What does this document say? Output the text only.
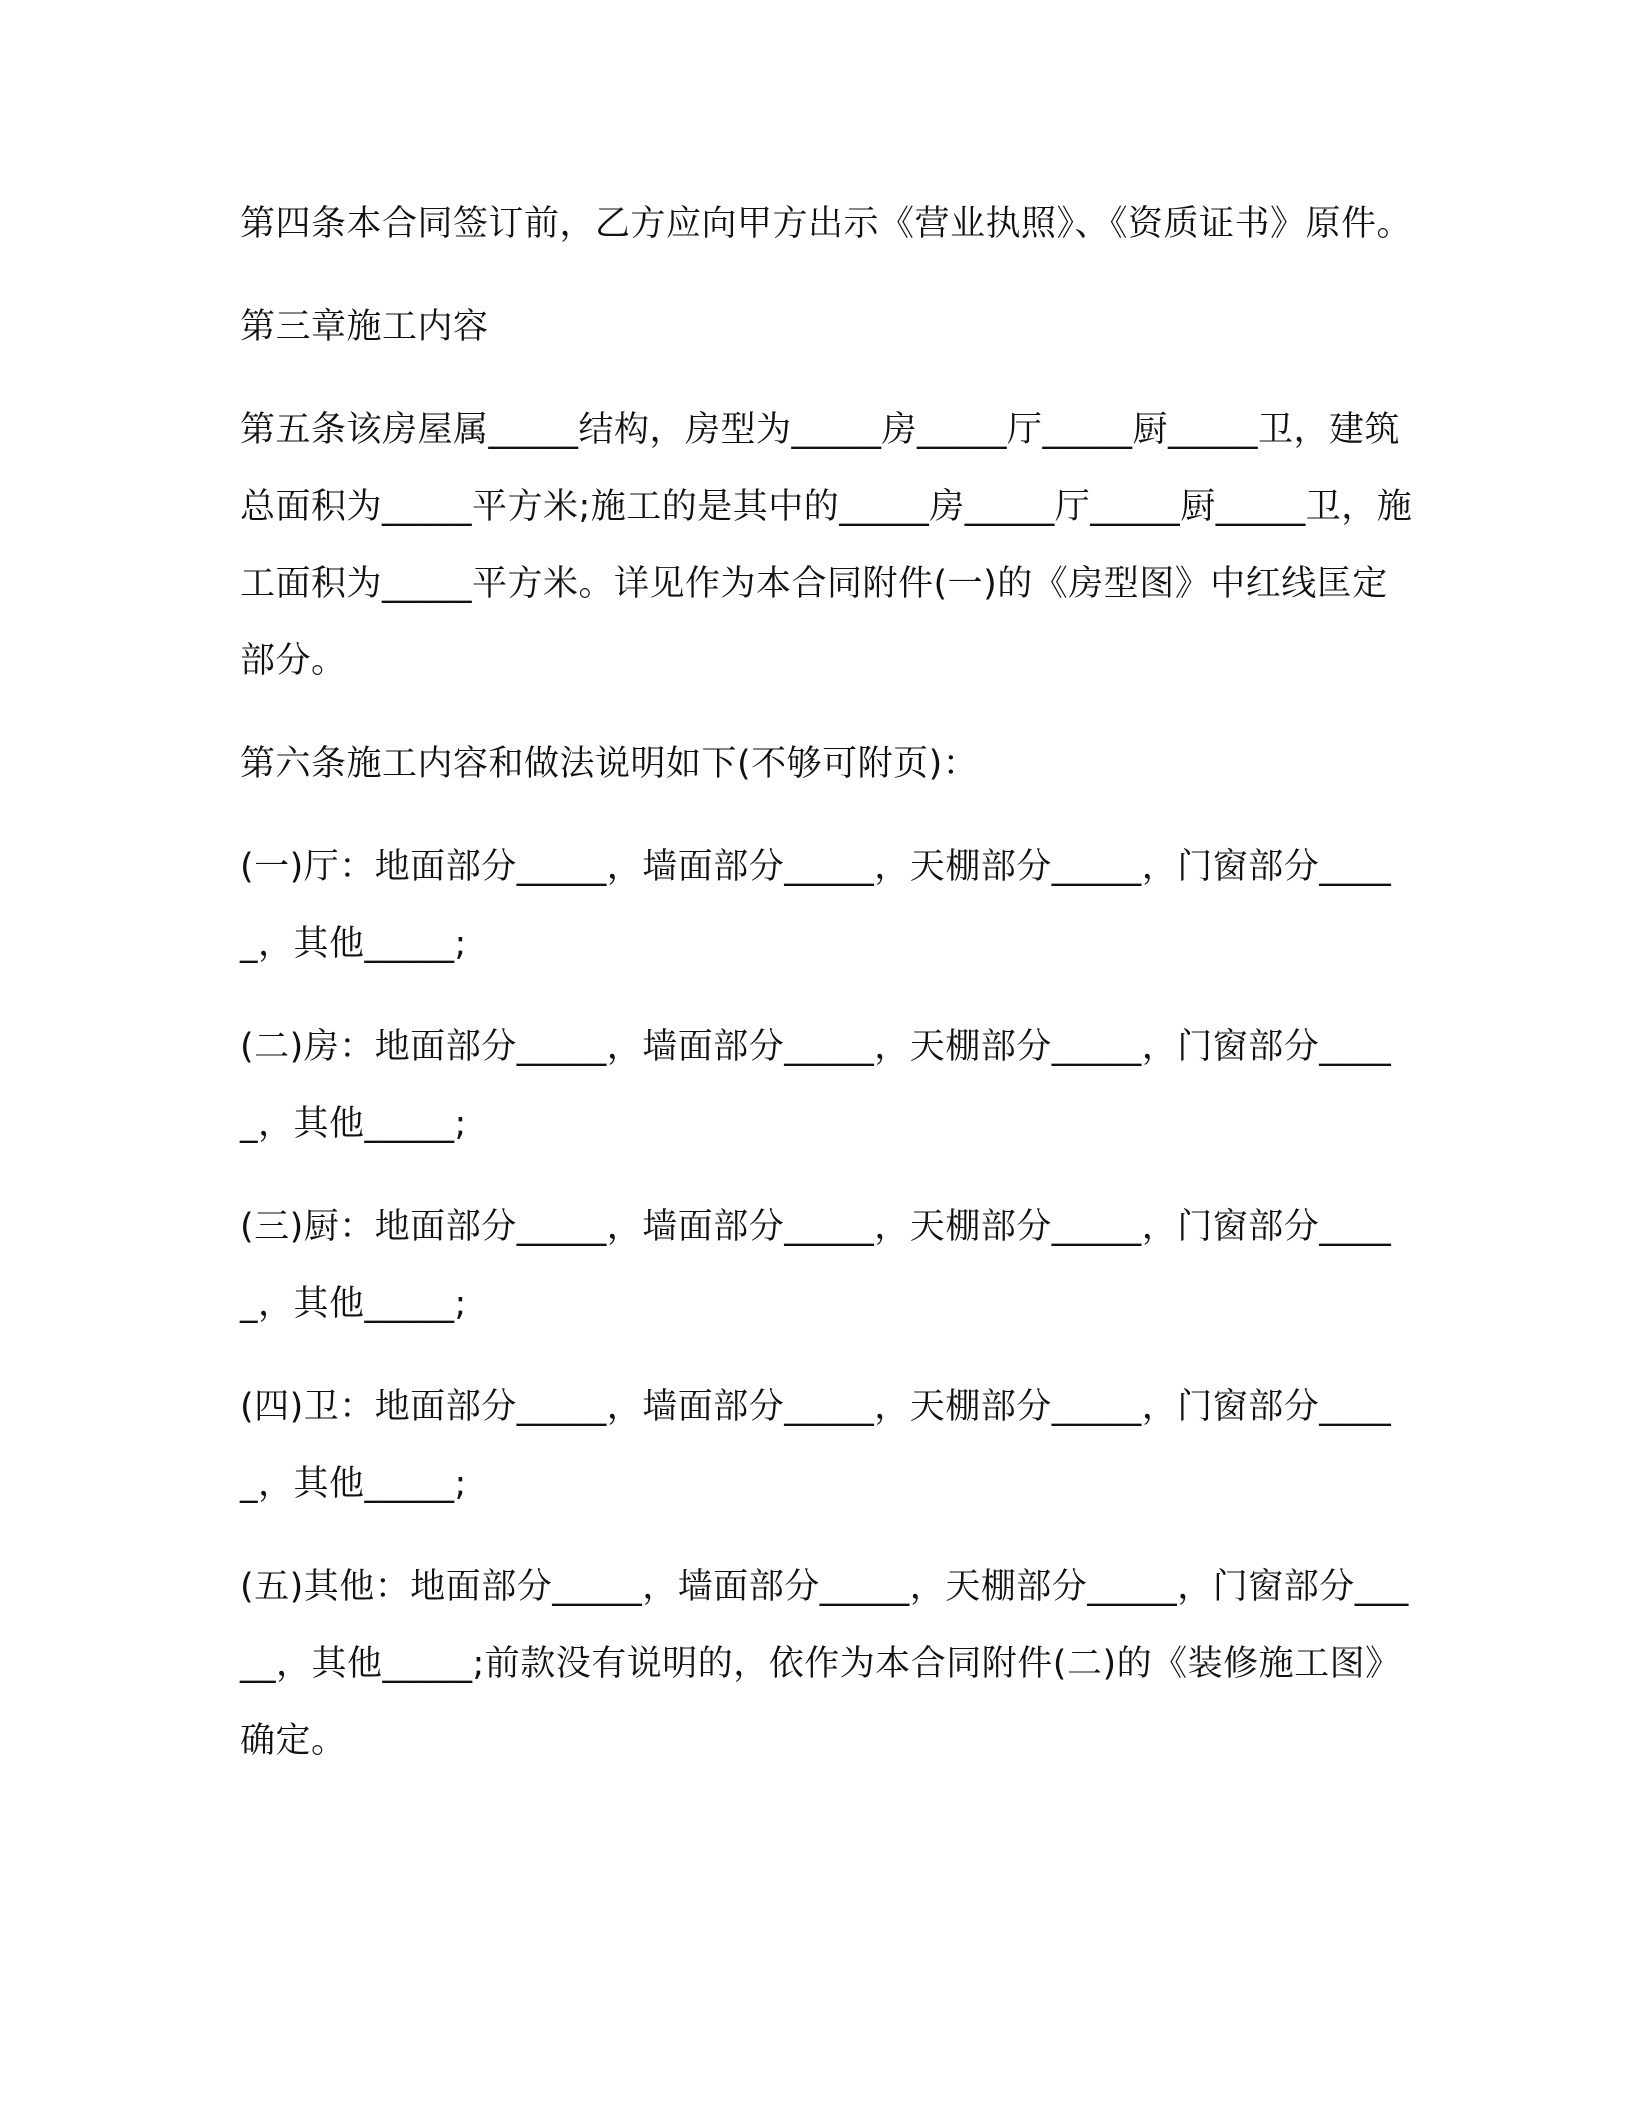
第四条本合同签订前，乙方应向甲方出示《营业执照》、《资质证书》原件。

第三章施工内容

第五条该房屋属_____结构，房型为_____房_____厅_____厨_____卫，建筑总面积为_____平方米;施工的是其中的_____房_____厅_____厨_____卫，施工面积为_____平方米。详见作为本合同附件(一)的《房型图》中红线匡定部分。

第六条施工内容和做法说明如下(不够可附页)：

(一)厅：地面部分_____，墙面部分_____，天棚部分_____，门窗部分_____，其他_____;

(二)房：地面部分_____，墙面部分_____，天棚部分_____，门窗部分_____，其他_____;

(三)厨：地面部分_____，墙面部分_____，天棚部分_____，门窗部分_____，其他_____;

(四)卫：地面部分_____，墙面部分_____，天棚部分_____，门窗部分_____，其他_____;

(五)其他：地面部分_____，墙面部分_____，天棚部分_____，门窗部分_____，其他_____;前款没有说明的，依作为本合同附件(二)的《装修施工图》确定。
